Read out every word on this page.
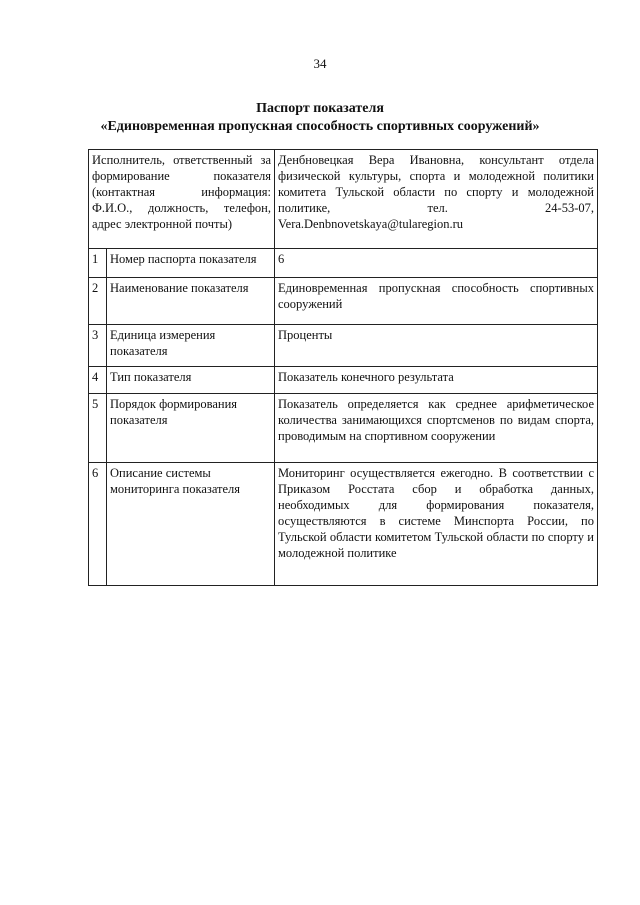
34
Паспорт показателя
«Единовременная пропускная способность спортивных сооружений»
Исполнитель, ответственный за формирование показателя (контактная информация: Ф.И.О., должность, телефон, адрес электронной почты)		Денбновецкая Вера Ивановна, консультант отдела физической культуры, спорта и молодежной политики комитета Тульской области по спорту и молодежной политике, тел. 24-53-07, Vera.Denbnovetskaya@tularegion.ru
1	Номер паспорта показателя	6
2	Наименование показателя	Единовременная пропускная способность спортивных сооружений
3	Единица измерения показателя	Проценты
4	Тип показателя	Показатель конечного результата
5	Порядок формирования показателя	Показатель определяется как среднее арифметическое количества занимающихся спортсменов по видам спорта, проводимым на спортивном сооружении
6	Описание системы мониторинга показателя	Мониторинг осуществляется ежегодно. В соответствии с Приказом Росстата сбор и обработка данных, необходимых для формирования показателя, осуществляются в системе Минспорта России, по Тульской области комитетом Тульской области по спорту и молодежной политике
